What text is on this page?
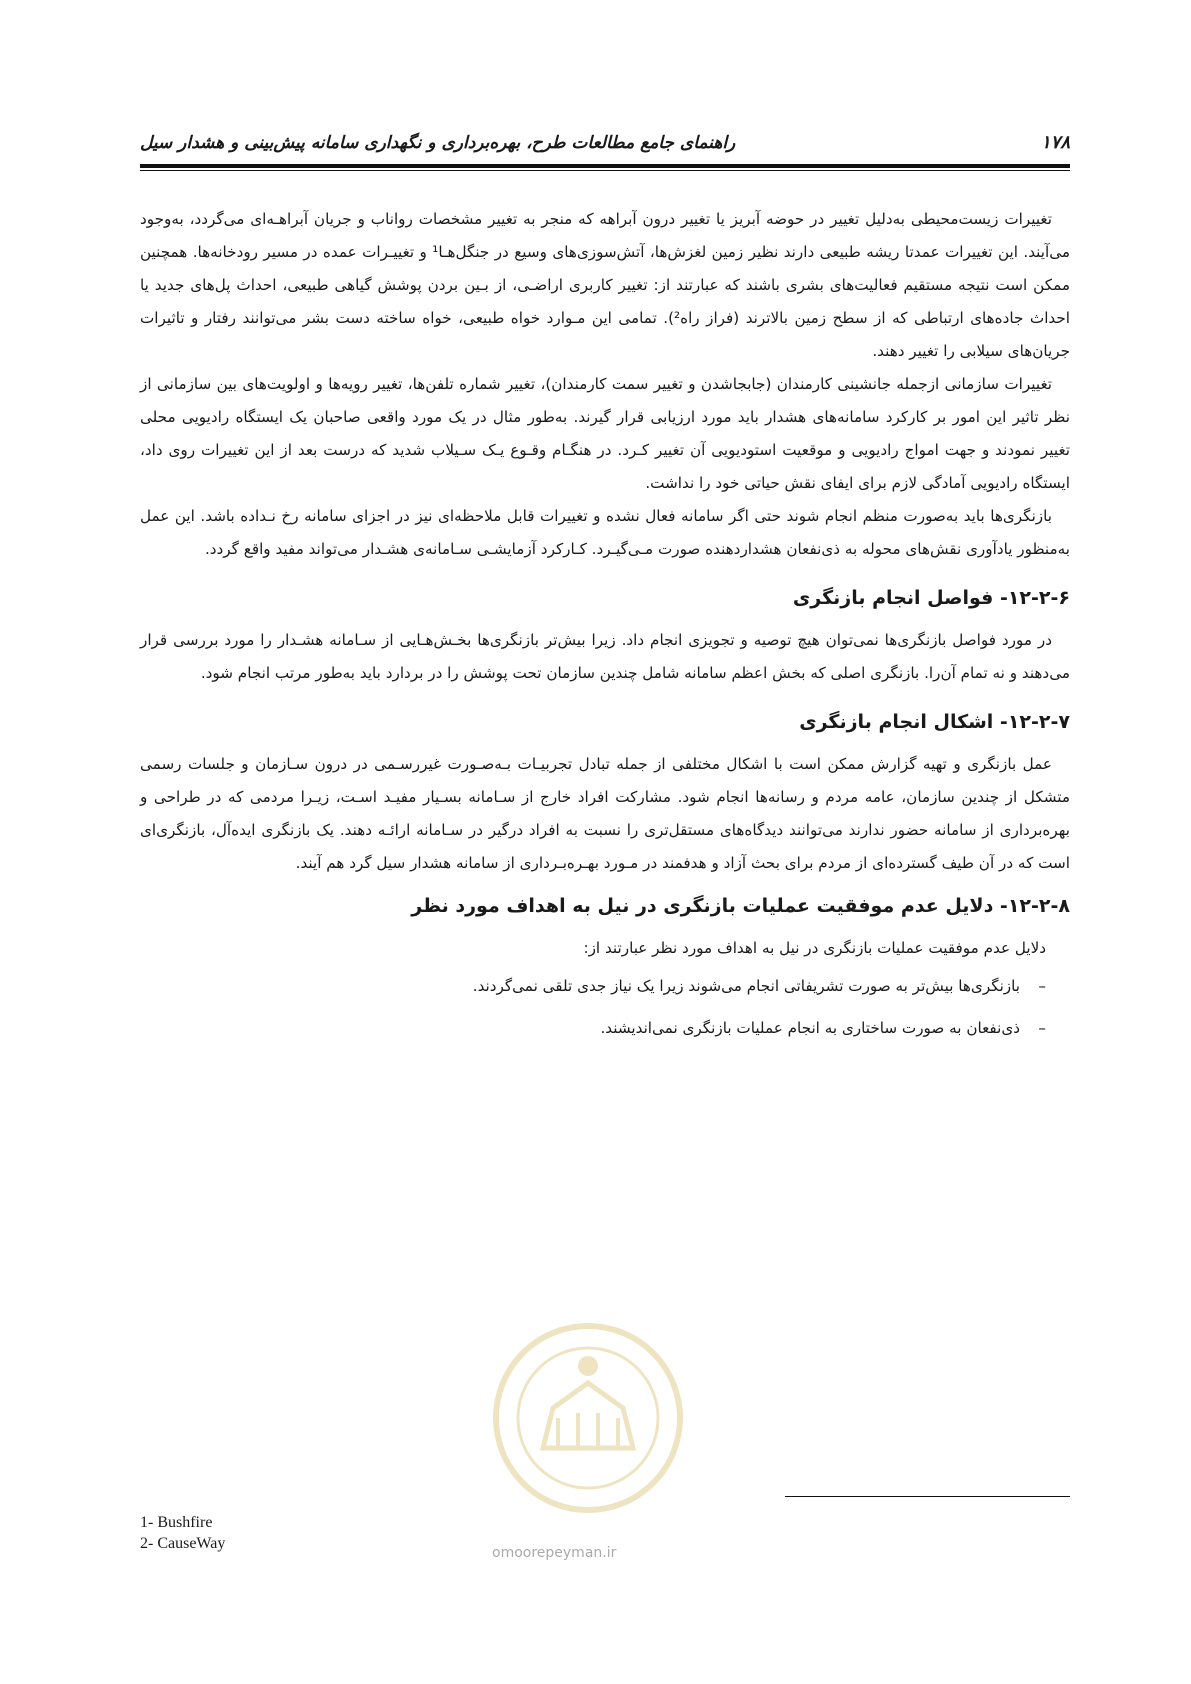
۱۷۸
راهنمای جامع مطالعات طرح، بهره‌برداری و نگهداری سامانه پیش‌بینی و هشدار سیل

تغییرات زیست‌محیطی به‌دلیل تغییر در حوضه آبریز یا تغییر درون آبراهه که منجر به تغییر مشخصات رواناب و جریان آبراهـه‌ای می‌گردد، به‌وجود می‌آیند. این تغییرات عمدتا ریشه طبیعی دارند نظیر زمین لغزش‌ها، آتش‌سوزی‌های وسیع در جنگل‌هـا¹ و تغییـرات عمده در مسیر رودخانه‌ها. همچنین ممکن است نتیجه مستقیم فعالیت‌های بشری باشند که عبارتند از: تغییر کاربری اراضـی، از بـین بردن پوشش گیاهی طبیعی، احداث پل‌های جدید یا احداث جاده‌های ارتباطی که از سطح زمین بالاترند (فراز راه²). تمامی این مـوارد خواه طبیعی، خواه ساخته دست بشر می‌توانند رفتار و تاثیرات جریان‌های سیلابی را تغییر دهند.

تغییرات سازمانی ازجمله جانشینی کارمندان (جابجاشدن و تغییر سمت کارمندان)، تغییر شماره تلفن‌ها، تغییر رویه‌ها و اولویت‌های بین سازمانی از نظر تاثیر این امور بر کارکرد سامانه‌های هشدار باید مورد ارزیابی قرار گیرند. به‌طور مثال در یک مورد واقعی صاحبان یک ایستگاه رادیویی محلی تغییر نمودند و جهت امواج رادیویی و موقعیت استودیویی آن تغییر کـرد. در هنگـام وقـوع یـک سـیلاب شدید که درست بعد از این تغییرات روی داد، ایستگاه رادیویی آمادگی لازم برای ایفای نقش حیاتی خود را نداشت.

بازنگری‌ها باید به‌صورت منظم انجام شوند حتی اگر سامانه فعال نشده و تغییرات قابل ملاحظه‌ای نیز در اجزای سامانه رخ نـداده باشد. این عمل به‌منظور یادآوری نقش‌های محوله به ذی‌نفعان هشداردهنده صورت مـی‌گیـرد. کـارکرد آزمایشـی سـامانه‌ی هشـدار می‌تواند مفید واقع گردد.

۱۲-۲-۶- فواصل انجام بازنگری

در مورد فواصل بازنگری‌ها نمی‌توان هیچ توصیه و تجویزی انجام داد. زیرا بیش‌تر بازنگری‌ها بخـش‌هـایی از سـامانه هشـدار را مورد بررسی قرار می‌دهند و نه تمام آن‌را. بازنگری اصلی که بخش اعظم سامانه شامل چندین سازمان تحت پوشش را در بردارد باید به‌طور مرتب انجام شود.

۱۲-۲-۷- اشکال انجام بازنگری

عمل بازنگری و تهیه گزارش ممکن است با اشکال مختلفی از جمله تبادل تجربیـات بـه‌صـورت غیررسـمی در درون سـازمان و جلسات رسمی متشکل از چندین سازمان، عامه مردم و رسانه‌ها انجام شود. مشارکت افراد خارج از سـامانه بسـیار مفیـد اسـت، زیـرا مردمی که در طراحی و بهره‌برداری از سامانه حضور ندارند می‌توانند دیدگاه‌های مستقل‌تری را نسبت به افراد درگیر در سـامانه ارائـه دهند. یک بازنگری ایده‌آل، بازنگری‌ای است که در آن طیف گسترده‌ای از مردم برای بحث آزاد و هدفمند در مـورد بهـره‌بـرداری از سامانه هشدار سیل گرد هم آیند.

۱۲-۲-۸- دلایل عدم موفقیت عملیات بازنگری در نیل به اهداف مورد نظر

دلایل عدم موفقیت عملیات بازنگری در نیل به اهداف مورد نظر عبارتند از:

–
بازنگری‌ها بیش‌تر به صورت تشریفاتی انجام می‌شوند زیرا یک نیاز جدی تلقی نمی‌گردند.
–
ذی‌نفعان به صورت ساختاری به انجام عملیات بازنگری نمی‌اندیشند.
omoorepeyman.ir
1- Bushfire
2- CauseWay
